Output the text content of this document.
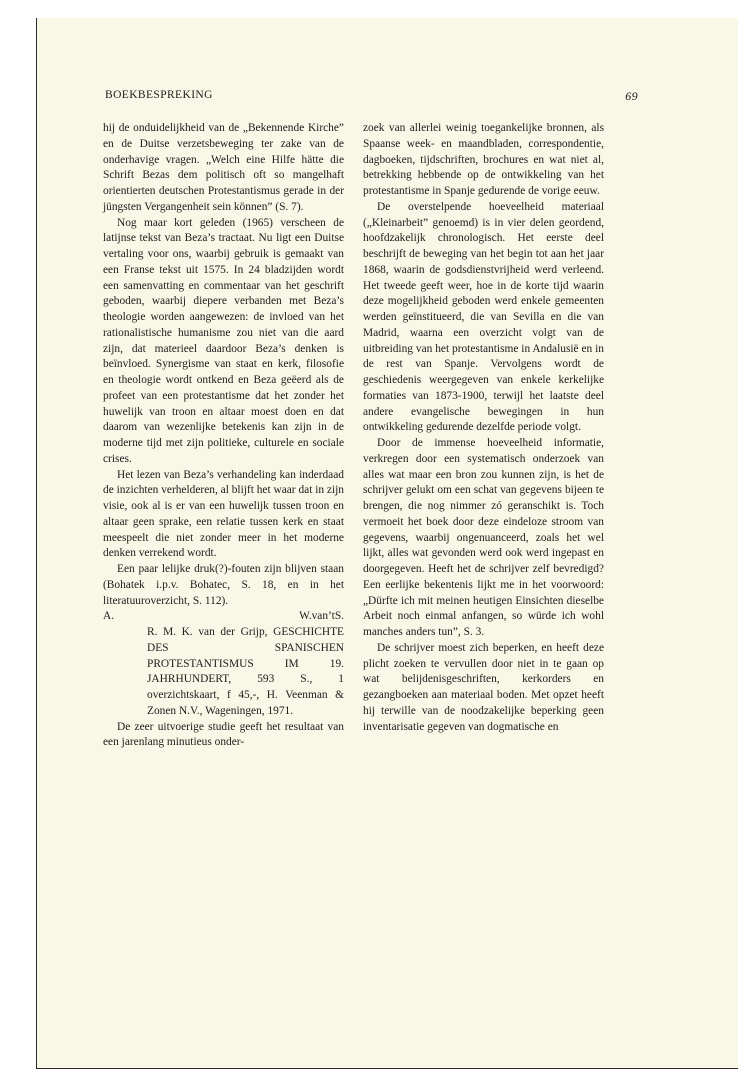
BOEKBESPREKING	69

hij de onduidelijkheid van de „Bekennende Kirche” en de Duitse verzetsbeweging ter zake van de onderhavige vragen. „Welch eine Hilfe hätte die Schrift Bezas dem politisch oft so mangelhaft orientierten deutschen Protestantismus gerade in der jüngsten Vergangenheit sein können” (S. 7).

Nog maar kort geleden (1965) verscheen de latijnse tekst van Beza’s tractaat. Nu ligt een Duitse vertaling voor ons, waarbij gebruik is gemaakt van een Franse tekst uit 1575. In 24 bladzijden wordt een samenvatting en commentaar van het geschrift geboden, waarbij diepere verbanden met Beza’s theologie worden aangewezen: de invloed van het rationalistische humanisme zou niet van die aard zijn, dat materieel daardoor Beza’s denken is beïnvloed. Synergisme van staat en kerk, filosofie en theologie wordt ontkend en Beza geëerd als de profeet van een protestantisme dat het zonder het huwelijk van troon en altaar moest doen en dat daarom van wezenlijke betekenis kan zijn in de moderne tijd met zijn politieke, culturele en sociale crises.

Het lezen van Beza’s verhandeling kan inderdaad de inzichten verhelderen, al blijft het waar dat in zijn visie, ook al is er van een huwelijk tussen troon en altaar geen sprake, een relatie tussen kerk en staat meespeelt die niet zonder meer in het moderne denken verrekend wordt.

Een paar lelijke druk(?)-fouten zijn blijven staan (Bohatek i.p.v. Bohatec, S. 18, en in het literatuuroverzicht, S. 112).

A.	W.van’tS.

R. M. K. van der Grijp, GESCHICHTE DES SPANISCHEN PROTESTANTISMUS IM 19. JAHRHUNDERT, 593 S., 1 overzichtskaart, f 45,-, H. Veenman & Zonen N.V., Wageningen, 1971.

De zeer uitvoerige studie geeft het resultaat van een jarenlang minutieus onder-

zoek van allerlei weinig toegankelijke bronnen, als Spaanse week- en maandbladen, correspondentie, dagboeken, tijdschriften, brochures en wat niet al, betrekking hebbende op de ontwikkeling van het protestantisme in Spanje gedurende de vorige eeuw.

De overstelpende hoeveelheid materiaal („Kleinarbeit” genoemd) is in vier delen geordend, hoofdzakelijk chronologisch. Het eerste deel beschrijft de beweging van het begin tot aan het jaar 1868, waarin de godsdienstvrijheid werd verleend. Het tweede geeft weer, hoe in de korte tijd waarin deze mogelijkheid geboden werd enkele gemeenten werden geïnstitueerd, die van Sevilla en die van Madrid, waarna een overzicht volgt van de uitbreiding van het protestantisme in Andalusië en in de rest van Spanje. Vervolgens wordt de geschiedenis weergegeven van enkele kerkelijke formaties van 1873-1900, terwijl het laatste deel andere evangelische bewegingen in hun ontwikkeling gedurende dezelfde periode volgt.

Door de immense hoeveelheid informatie, verkregen door een systematisch onderzoek van alles wat maar een bron zou kunnen zijn, is het de schrijver gelukt om een schat van gegevens bijeen te brengen, die nog nimmer zó geranschikt is. Toch vermoeit het boek door deze eindeloze stroom van gegevens, waarbij ongenuanceerd, zoals het wel lijkt, alles wat gevonden werd ook werd ingepast en doorgegeven. Heeft het de schrijver zelf bevredigd? Een eerlijke bekentenis lijkt me in het voorwoord: „Dürfte ich mit meinen heutigen Einsichten dieselbe Arbeit noch einmal anfangen, so würde ich wohl manches anders tun”, S. 3.

De schrijver moest zich beperken, en heeft deze plicht zoeken te vervullen door niet in te gaan op wat belijdenisgeschriften, kerkorders en gezangboeken aan materiaal boden. Met opzet heeft hij terwille van de noodzakelijke beperking geen inventarisatie gegeven van dogmatische en
